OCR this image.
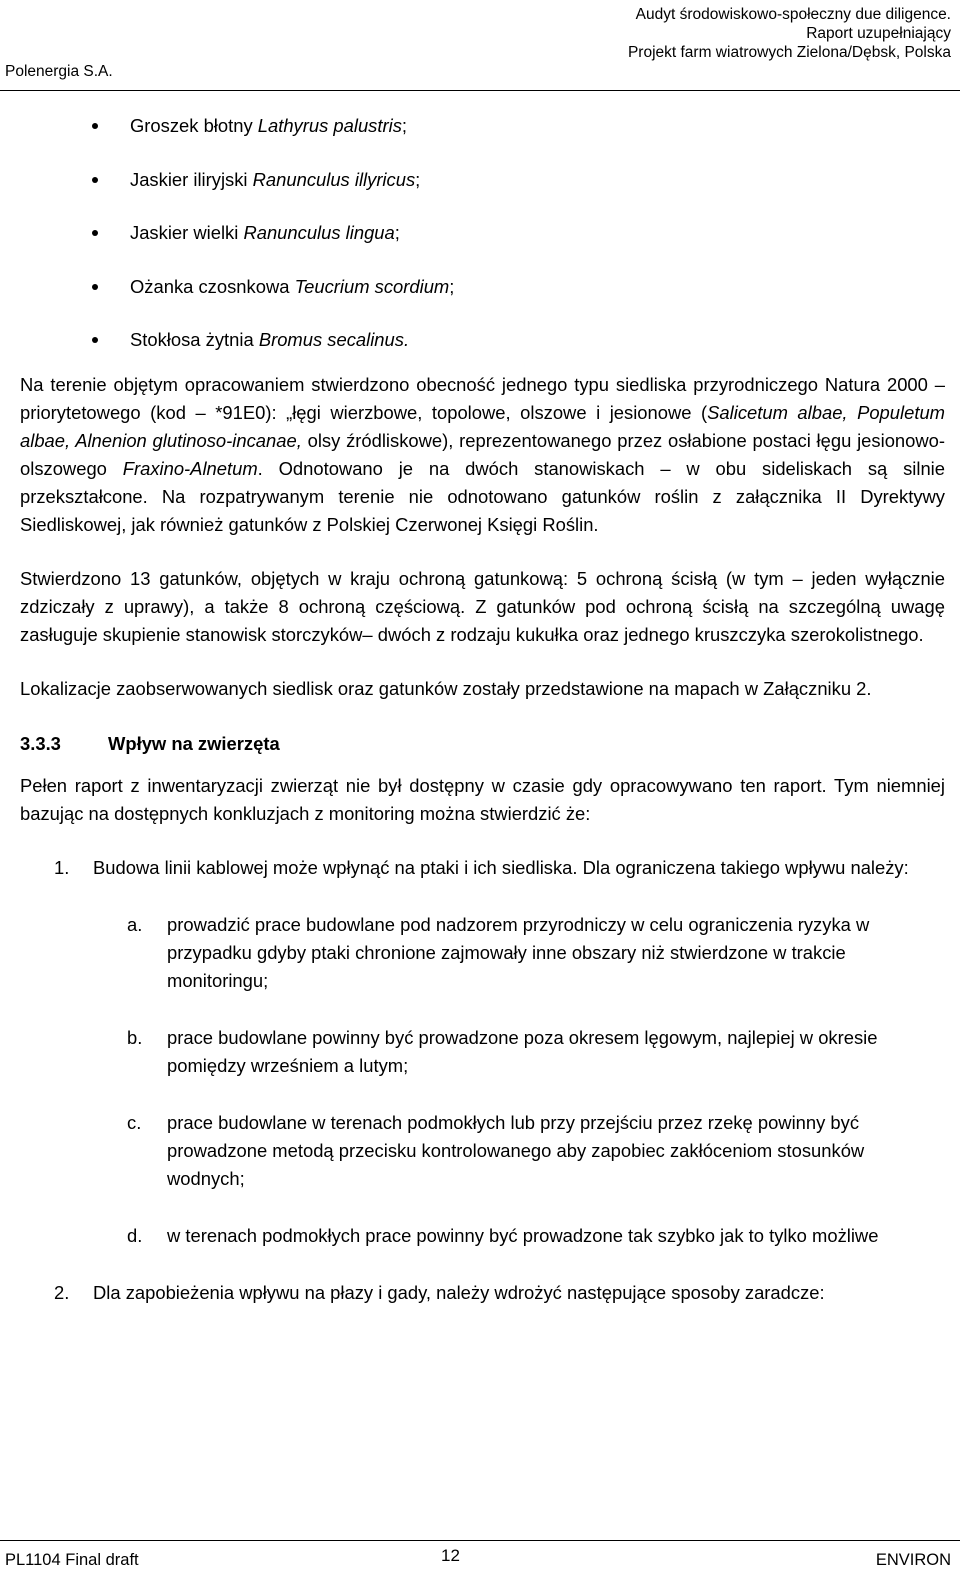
Polenergia S.A.
Audyt środowiskowo-społeczny due diligence.
Raport uzupełniający
Projekt farm wiatrowych Zielona/Dębsk, Polska
Groszek błotny Lathyrus palustris;
Jaskier iliryjski Ranunculus illyricus;
Jaskier wielki Ranunculus lingua;
Ożanka czosnkowa Teucrium scordium;
Stokłosa żytnia Bromus secalinus.

Na terenie objętym opracowaniem stwierdzono obecność jednego typu siedliska przyrodniczego Natura 2000 – priorytetowego (kod – *91E0): „łęgi wierzbowe, topolowe, olszowe i jesionowe (Salicetum albae, Populetum albae, Alnenion glutinoso-incanae, olsy źródliskowe), reprezentowanego przez osłabione postaci łęgu jesionowo-olszowego Fraxino-Alnetum. Odnotowano je na dwóch stanowiskach – w obu sideliskach są silnie przekształcone. Na rozpatrywanym terenie nie odnotowano gatunków roślin z załącznika II Dyrektywy Siedliskowej, jak również gatunków z Polskiej Czerwonej Księgi Roślin.

Stwierdzono 13 gatunków, objętych w kraju ochroną gatunkową: 5 ochroną ścisłą (w tym – jeden wyłącznie zdziczały z uprawy), a także 8 ochroną częściową. Z gatunków pod ochroną ścisłą na szczególną uwagę zasługuje skupienie stanowisk storczyków– dwóch z rodzaju kukułka oraz jednego kruszczyka szerokolistnego.

Lokalizacje zaobserwowanych siedlisk oraz gatunków zostały przedstawione na mapach w Załączniku 2.

3.3.3	Wpływ na zwierzęta

Pełen raport z inwentaryzacji zwierząt nie był dostępny w czasie gdy opracowywano ten raport. Tym niemniej bazując na dostępnych konkluzjach z monitoring można stwierdzić że:

1. Budowa linii kablowej może wpłynąć na ptaki i ich siedliska. Dla ograniczena takiego wpływu należy:
a. prowadzić prace budowlane pod nadzorem przyrodniczy w celu ograniczenia ryzyka w przypadku gdyby ptaki chronione zajmowały inne obszary niż stwierdzone w trakcie monitoringu;
b. prace budowlane powinny być prowadzone poza okresem lęgowym, najlepiej w okresie pomiędzy wrześniem a lutym;
c. prace budowlane w terenach podmokłych lub przy przejściu przez rzekę powinny być prowadzone metodą przecisku kontrolowanego aby zapobiec zakłóceniom stosunków wodnych;
d. w terenach podmokłych prace powinny być prowadzone tak szybko jak to tylko możliwe
2. Dla zapobieżenia wpływu na płazy i gady, należy wdrożyć następujące sposoby zaradcze:
PL1104 Final draft	12	ENVIRON
